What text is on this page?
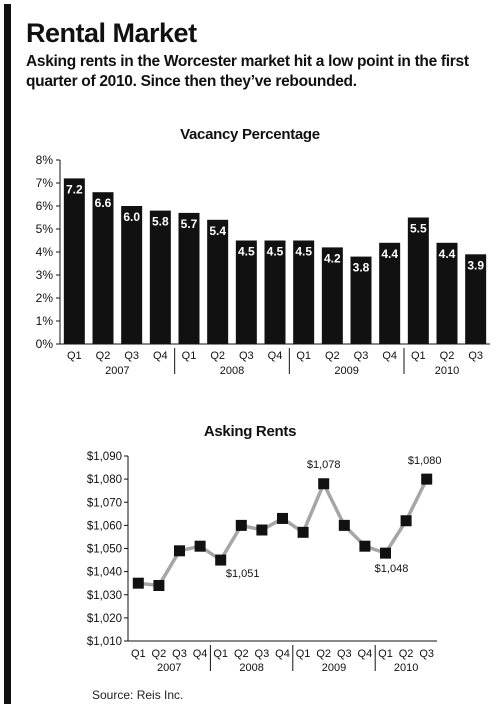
Rental Market

Asking rents in the Worcester market hit a low point in the first quarter of 2010. Since then they’ve rebounded.

Vacancy Percentage
0%
1%
2%
3%
4%
5%
6%
7%
8%
7.2
Q1
6.6
Q2
6.0
Q3
5.8
Q4
5.7
Q1
5.4
Q2
4.5
Q3
4.5
Q4
4.5
Q1
4.2
Q2
3.8
Q3
4.4
Q4
5.5
Q1
4.4
Q2
3.9
Q3
2007	2008	2009	2010
Asking Rents
$1,010
$1,020
$1,030
$1,040
$1,050
$1,060
$1,070
$1,080
$1,090
Q1 Q2 Q3 Q4 Q1 Q2 Q3 Q4 Q1 Q2 Q3 Q4 Q1 Q2 Q3
$1,051
$1,078
$1,048
$1,080
2007	2008	2009	2010
Source: Reis Inc.
